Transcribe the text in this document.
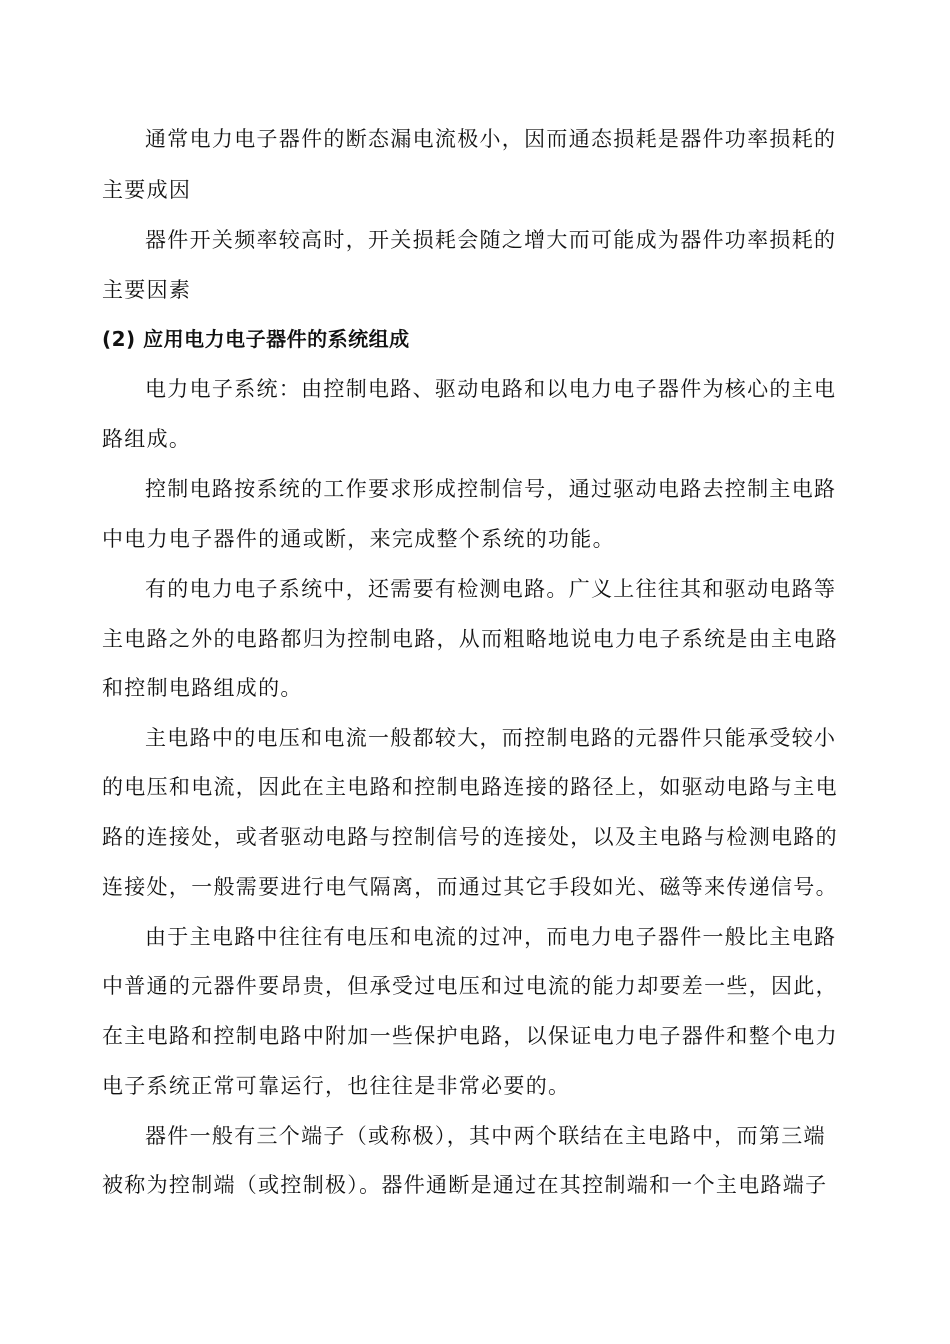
通常电力电子器件的断态漏电流极小，因而通态损耗是器件功率损耗的
主要成因
器件开关频率较高时，开关损耗会随之增大而可能成为器件功率损耗的
主要因素
(2) 应用电力电子器件的系统组成
电力电子系统：由控制电路、驱动电路和以电力电子器件为核心的主电
路组成。
控制电路按系统的工作要求形成控制信号，通过驱动电路去控制主电路
中电力电子器件的通或断，来完成整个系统的功能。
有的电力电子系统中，还需要有检测电路。广义上往往其和驱动电路等
主电路之外的电路都归为控制电路，从而粗略地说电力电子系统是由主电路
和控制电路组成的。
主电路中的电压和电流一般都较大，而控制电路的元器件只能承受较小
的电压和电流，因此在主电路和控制电路连接的路径上，如驱动电路与主电
路的连接处，或者驱动电路与控制信号的连接处，以及主电路与检测电路的
连接处，一般需要进行电气隔离，而通过其它手段如光、磁等来传递信号。
由于主电路中往往有电压和电流的过冲，而电力电子器件一般比主电路
中普通的元器件要昂贵，但承受过电压和过电流的能力却要差一些，因此，
在主电路和控制电路中附加一些保护电路，以保证电力电子器件和整个电力
电子系统正常可靠运行，也往往是非常必要的。
器件一般有三个端子（或称极），其中两个联结在主电路中，而第三端
被称为控制端（或控制极）。器件通断是通过在其控制端和一个主电路端子
